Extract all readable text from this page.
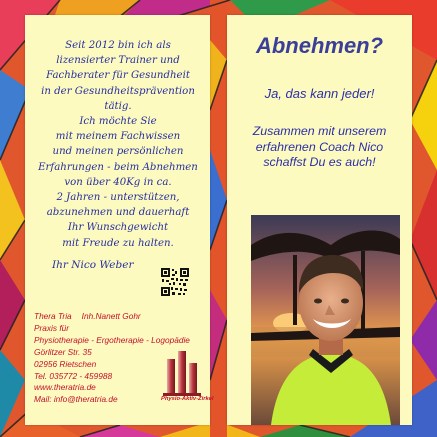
Seit 2012 bin ich als
lizensierter Trainer und
Fachberater für Gesundheit
in der Gesundheitsprävention
tätig.
Ich möchte Sie
mit meinem Fachwissen
und meinen persönlichen
Erfahrungen - beim Abnehmen
von über 40Kg in ca.
2 Jahren - unterstützen,
abzunehmen und dauerhaft
Ihr Wunschgewicht
mit Freude zu halten.
Ihr Nico Weber
Thera Tria Inh.Nanett Gohr
Praxis für
Physiotherapie - Ergotherapie - Logopädie
Görlitzer Str. 35
02956 Rietschen
Tel. 035772 - 459988
www.theratria.de
Mail: info@theratria.de	Physio-Aktiv-Zirkel
Abnehmen?
Ja, das kann jeder!
Zusammen mit unserem
erfahrenen Coach Nico
schaffst Du es auch!
